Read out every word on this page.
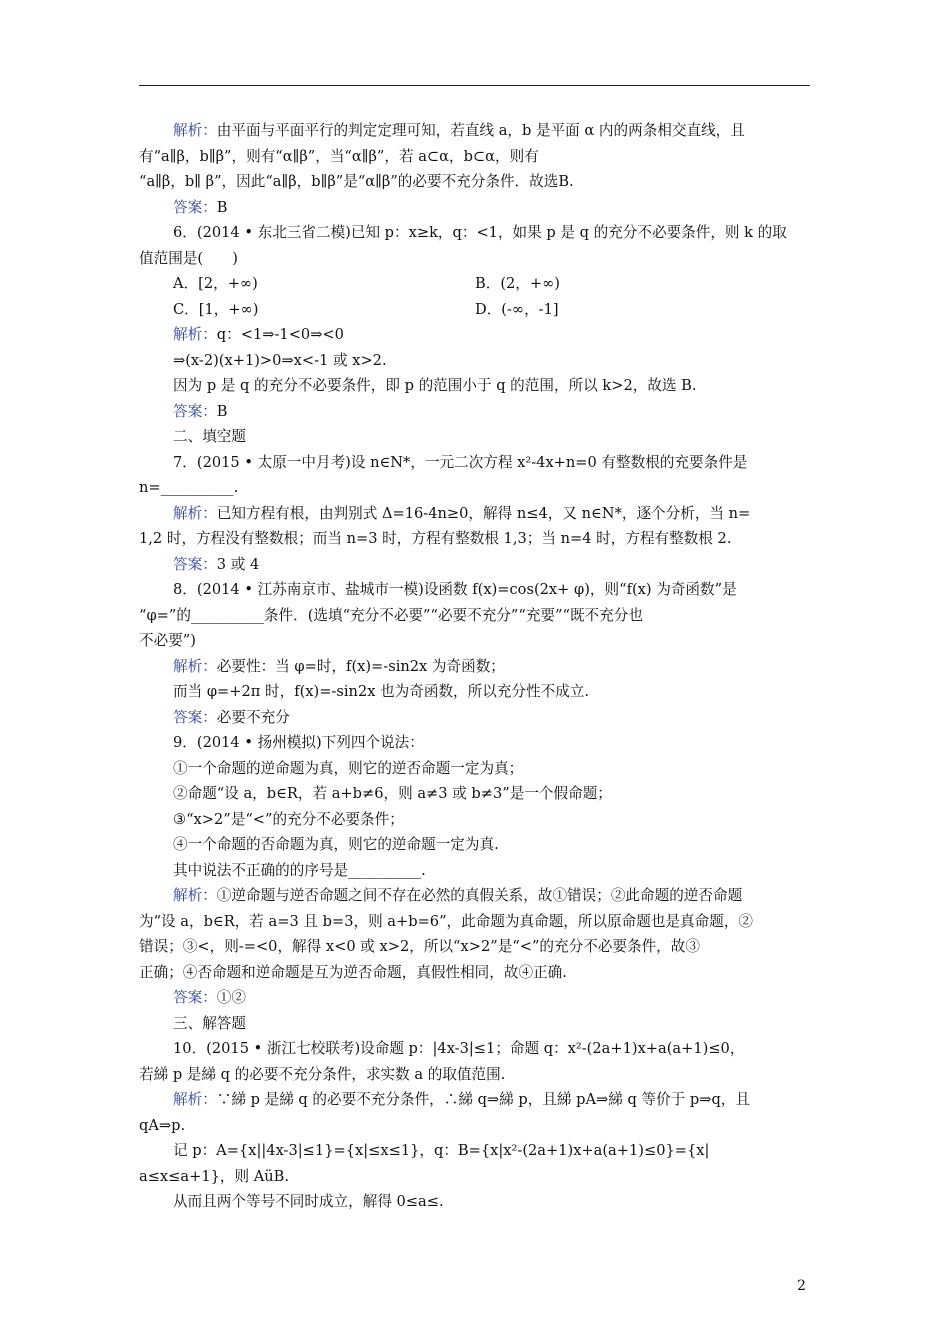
解析：由平面与平面平行的判定定理可知，若直线 a，b 是平面 α 内的两条相交直线，且
有“a∥β，b∥β”，则有“α∥β”，当“α∥β”，若 a⊂α，b⊂α，则有
“a∥β，b∥ β”，因此“a∥β，b∥β”是“α∥β”的必要不充分条件．故选B.
答案：B
6．(2014 • 东北三省二模)已知 p：x≥k，q：<1，如果 p 是 q 的充分不必要条件，则 k 的取
值范围是(　　)
A．[2，+∞)	B．(2，+∞)
C．[1，+∞)	D．(-∞，-1]
解析：q：<1⇒-1<0⇒<0
⇒(x-2)(x+1)>0⇒x<-1 或 x>2.
因为 p 是 q 的充分不必要条件，即 p 的范围小于 q 的范围，所以 k>2，故选 B.
答案：B
二、填空题
7．(2015 • 太原一中月考)设 n∈N*，一元二次方程 x²-4x+n=0 有整数根的充要条件是
n=__________.
解析：已知方程有根，由判别式 Δ=16-4n≥0，解得 n≤4，又 n∈N*，逐个分析，当 n=
1,2 时，方程没有整数根；而当 n=3 时，方程有整数根 1,3；当 n=4 时，方程有整数根 2.
答案：3 或 4
8．(2014 • 江苏南京市、盐城市一模)设函数 f(x)=cos(2x+ φ)，则“f(x) 为奇函数”是
“φ=”的__________条件．(选填“充分不必要”“必要不充分”“充要”“既不充分也
不必要”)
解析：必要性：当 φ=时，f(x)=-sin2x 为奇函数；
而当 φ=+2π 时，f(x)=-sin2x 也为奇函数，所以充分性不成立.
答案：必要不充分
9．(2014 • 扬州模拟)下列四个说法：
①一个命题的逆命题为真，则它的逆否命题一定为真；
②命题“设 a，b∈R，若 a+b≠6，则 a≠3 或 b≠3”是一个假命题；
③“x>2”是“<”的充分不必要条件；
④一个命题的否命题为真，则它的逆命题一定为真.
其中说法不正确的的序号是__________.
解析：①逆命题与逆否命题之间不存在必然的真假关系，故①错误；②此命题的逆否命题
为“设 a，b∈R，若 a=3 且 b=3，则 a+b=6”，此命题为真命题，所以原命题也是真命题，②
错误；③<，则-=<0，解得 x<0 或 x>2，所以“x>2”是“<”的充分不必要条件，故③
正确；④否命题和逆命题是互为逆否命题，真假性相同，故④正确.
答案：①②
三、解答题
10．(2015 • 浙江七校联考)设命题 p：|4x-3|≤1；命题 q：x²-(2a+1)x+a(a+1)≤0，
若綈 p 是綈 q 的必要不充分条件，求实数 a 的取值范围.
解析：∵綈 p 是綈 q 的必要不充分条件，∴綈 q⇒綈 p，且綈 pA⇒綈 q 等价于 p⇒q，且
qA⇒p.
记 p：A={x||4x-3|≤1}={x|≤x≤1}，q：B={x|x²-(2a+1)x+a(a+1)≤0}={x|
a≤x≤a+1}，则 AüB.
从而且两个等号不同时成立，解得 0≤a≤.
2
